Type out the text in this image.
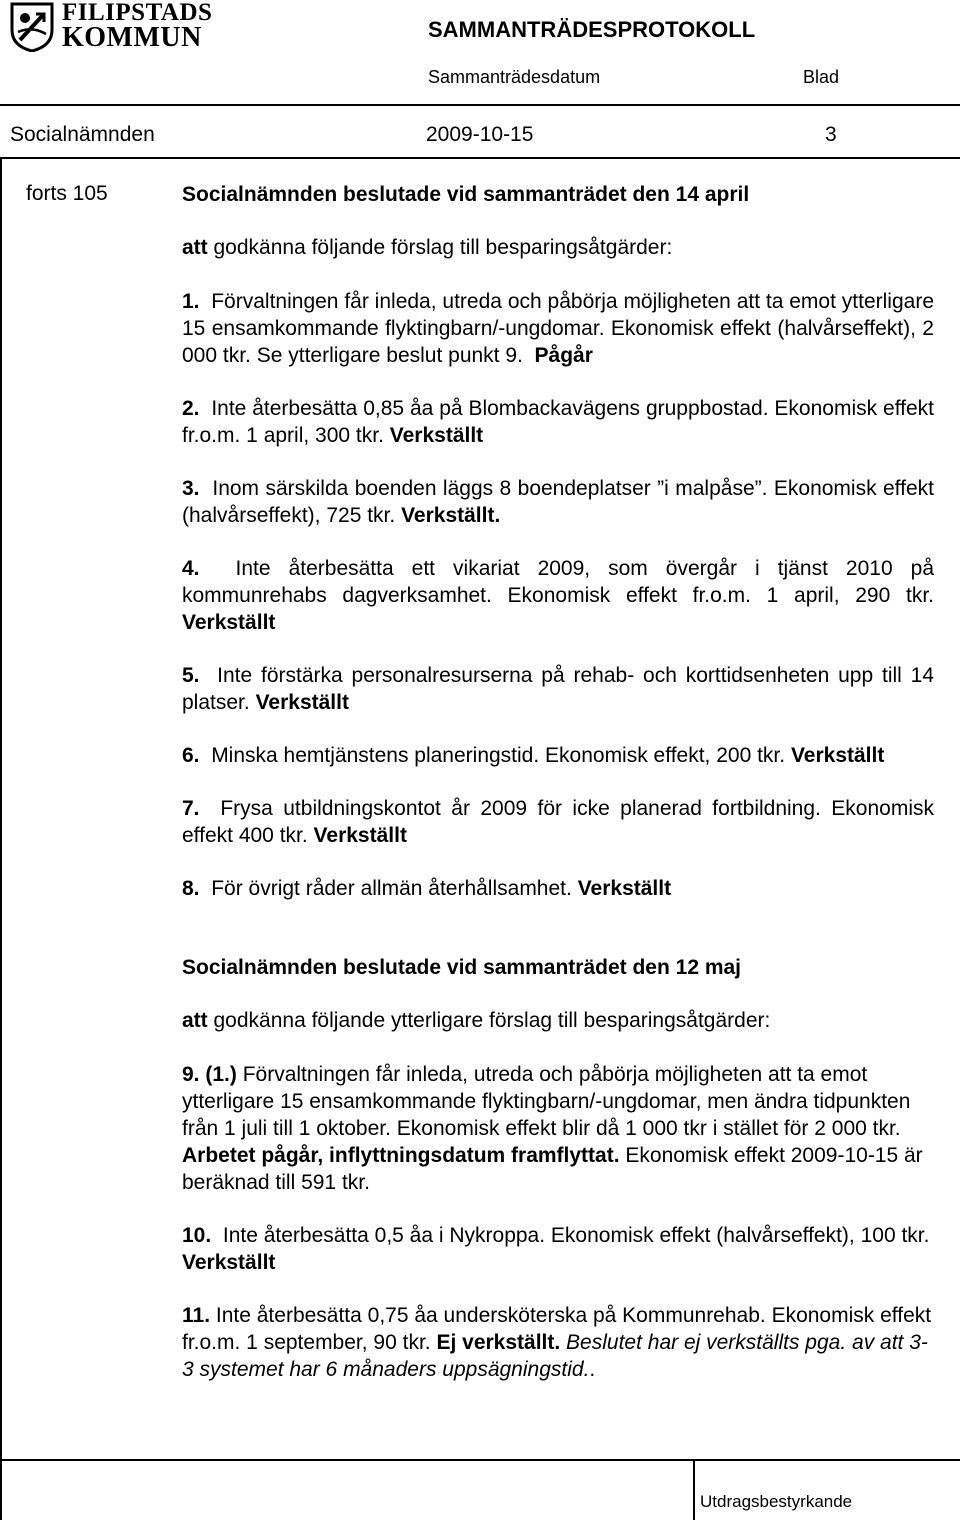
FILIPSTADS
KOMMUN	SAMMANTRÄDESPROTOKOLL
Sammanträdesdatum	Blad
Socialnämnden	2009-10-15	3
Utdragsbestyrkande
forts 105	Socialnämnden beslutade vid sammanträdet den 14 april

att godkänna följande förslag till besparingsåtgärder:

1. Förvaltningen får inleda, utreda och påbörja möjligheten att ta emot ytterligare 15 ensamkommande flyktingbarn/-ungdomar. Ekonomisk effekt (halvårseffekt), 2 000 tkr. Se ytterligare beslut punkt 9. Pågår

2. Inte återbesätta 0,85 åa på Blombackavägens gruppbostad. Ekonomisk effekt fr.o.m. 1 april, 300 tkr. Verkställt

3. Inom särskilda boenden läggs 8 boendeplatser ”i malpåse”. Ekonomisk effekt (halvårseffekt), 725 tkr. Verkställt.

4. Inte återbesätta ett vikariat 2009, som övergår i tjänst 2010 på kommunrehabs dagverksamhet. Ekonomisk effekt fr.o.m. 1 april, 290 tkr. Verkställt

5. Inte förstärka personalresurserna på rehab- och korttidsenheten upp till 14 platser. Verkställt

6. Minska hemtjänstens planeringstid. Ekonomisk effekt, 200 tkr. Verkställt

7. Frysa utbildningskontot år 2009 för icke planerad fortbildning. Ekonomisk effekt 400 tkr. Verkställt

8. För övrigt råder allmän återhållsamhet. Verkställt

Socialnämnden beslutade vid sammanträdet den 12 maj

att godkänna följande ytterligare förslag till besparingsåtgärder:

9. (1.) Förvaltningen får inleda, utreda och påbörja möjligheten att ta emot ytterligare 15 ensamkommande flyktingbarn/-ungdomar, men ändra tidpunkten från 1 juli till 1 oktober. Ekonomisk effekt blir då 1 000 tkr i stället för 2 000 tkr. Arbetet pågår, inflyttningsdatum framflyttat. Ekonomisk effekt 2009-10-15 är beräknad till 591 tkr.

10. Inte återbesätta 0,5 åa i Nykroppa. Ekonomisk effekt (halvårseffekt), 100 tkr. Verkställt

11. Inte återbesätta 0,75 åa undersköterska på Kommunrehab. Ekonomisk effekt fr.o.m. 1 september, 90 tkr. Ej verkställt. Beslutet har ej verkställts pga. av att 3-3 systemet har 6 månaders uppsägningstid..
